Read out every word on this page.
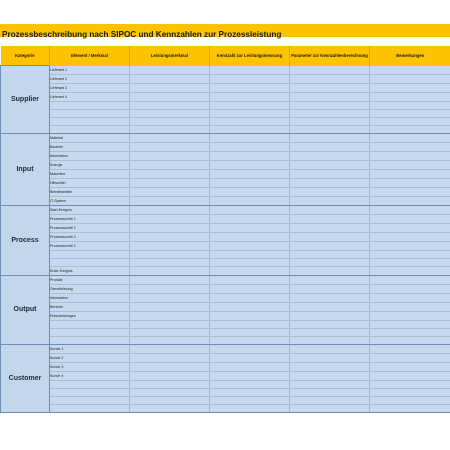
Prozessbeschreibung nach SIPOC und Kennzahlen zur Prozessleistung
Kategorie	Element / Merkmal	Leistungsmerkmal	Kennzahl zur Leistungsmessung	Parameter zur Kennzahlenberechnung	Bemerkungen
Supplier	Lieferant 1				
	Lieferant 2				
	Lieferant 3				
	Lieferant 4				

Input	Material				
	Bauteile				
	Information				
	Energie				
	Maschine				
	Hilfsmittel				
	Betriebsmittel				
	IT-System				
Process	Start-Ereignis				
	Prozessschritt 1				
	Prozessschritt 2				
	Prozessschritt 3				
	Prozessschritt 4				

	Ende-Ereignis				
Output	Produkt				
	Dienstleistung				
	Information				
	Berichte				
	Entscheidungen				

Customer	Kunde 1				
	Kunde 2				
	Kunde 3				
	Kunde 4				
